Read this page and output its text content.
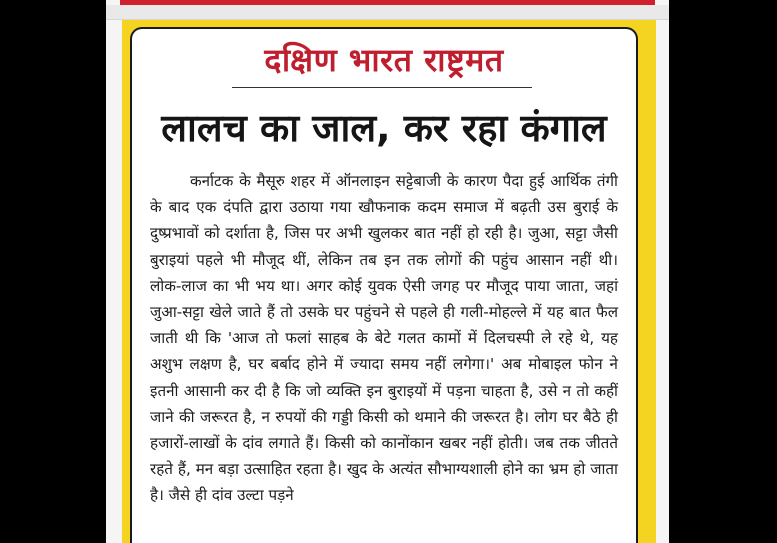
दक्षिण भारत राष्ट्रमत
लालच का जाल, कर रहा कंगाल

कर्नाटक के मैसूरु शहर में ऑनलाइन सट्टेबाजी के कारण पैदा हुई आर्थिक तंगी के बाद एक दंपति द्वारा उठाया गया खौफनाक कदम समाज में बढ़ती उस बुराई के दुष्प्रभावों को दर्शाता है, जिस पर अभी खुलकर बात नहीं हो रही है। जुआ, सट्टा जैसी बुराइयां पहले भी मौजूद थीं, लेकिन तब इन तक लोगों की पहुंच आसान नहीं थी। लोक-लाज का भी भय था। अगर कोई युवक ऐसी जगह पर मौजूद पाया जाता, जहां जुआ-सट्टा खेले जाते हैं तो उसके घर पहुंचने से पहले ही गली-मोहल्ले में यह बात फैल जाती थी कि 'आज तो फलां साहब के बेटे गलत कामों में दिलचस्पी ले रहे थे, यह अशुभ लक्षण है, घर बर्बाद होने में ज्यादा समय नहीं लगेगा।' अब मोबाइल फोन ने इतनी आसानी कर दी है कि जो व्यक्ति इन बुराइयों में पड़ना चाहता है, उसे न तो कहीं जाने की जरूरत है, न रुपयों की गड्डी किसी को थमाने की जरूरत है। लोग घर बैठे ही हजारों-लाखों के दांव लगाते हैं। किसी को कानोंकान खबर नहीं होती। जब तक जीतते रहते हैं, मन बड़ा उत्साहित रहता है। खुद के अत्यंत सौभाग्यशाली होने का भ्रम हो जाता है। जैसे ही दांव उल्टा पड़ने
